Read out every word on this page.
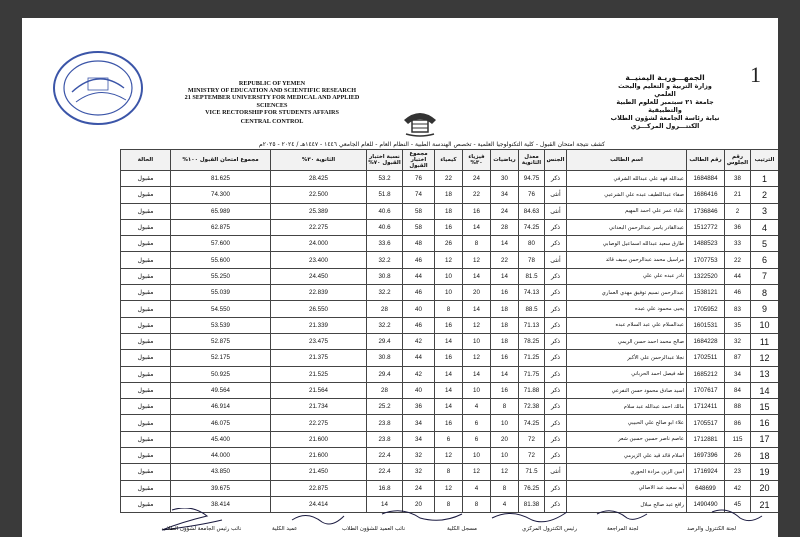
REPUBLIC OF YEMEN
MINISTRY OF EDUCATION AND SCIENTIFIC RESEARCH
21 SEPTEMBER UNIVERSITY FOR MEDICAL AND APPLIED SCIENCES
VICE RECTORSHIP FOR STUDENTS AFFAIRS
CENTRAL CONTROL
الجمهـــوريـة اليمنيــة
وزارة التربية و التعليم والبحث العلمي
جامعة ٢١ سبتمبر للعلوم الطبية والتطبيقية
نيابة رئاسة الجامعة لشؤون الطلاب
الكنتـــرول المركـــزي
1
كشف نتيجة امتحان القبول - كلية التكنولوجيا العلمية - تخصص الهندسة الطبية - النظام العام - للعام الجامعي ١٤٤٦ - ١٤٤٧هـ / ٢٠٢٤ - ٢٠٢٥م
الترتيب	رقم الجلوس	رقم الطالب	اسم الطالب	الجنس	معدل الثانوية	رياضيات	فيزياء ٣٠%	كيمياء	مجموع اختبار القبول	نسبة اختبار القبول ٧٠%	الثانوية ٣٠%	مجموع امتحان القبول ١٠٠%	الحالة
1	38	1684884	عبدالله فهد علي عبدالله الشرفي	ذكر	94.75	30	24	22	76	53.2	28.425	81.625	مقبول
2	21	1686416	صفاء عبداللطيف عبده علي الشرعبي	أنثى	76	34	22	18	74	51.8	22.500	74.300	مقبول
3	2	1736846	علياء عمر علي احمد المهيم	أنثى	84.63	24	16	18	58	40.6	25.389	65.989	مقبول
4	36	1512772	عبدالقادر ياسر عبدالرحمن البعداني	ذكر	74.25	28	14	16	58	40.6	22.275	62.875	مقبول
5	33	1488523	طارق سعيد عبدالله اسماعيل الوصابي	ذكر	80	14	8	26	48	33.6	24.000	57.600	مقبول
6	22	1707753	مراسيل محمد عبدالرحمن سيف قائد	أنثى	78	22	12	12	46	32.2	23.400	55.600	مقبول
7	44	1322520	نادر عبده علي علي	ذكر	81.5	14	14	10	44	30.8	24.450	55.250	مقبول
8	46	1538121	عبدالرحمن نسيم توفيق مهدي العماري	ذكر	74.13	16	20	10	46	32.2	22.839	55.039	مقبول
9	83	1705952	يحيى محمود علي عبده	ذكر	88.5	18	14	8	40	28	26.550	54.550	مقبول
10	35	1601531	عبدالسلام علي عبد السلام عبده	ذكر	71.13	18	12	16	46	32.2	21.339	53.539	مقبول
11	32	1684228	صالح محمد احمد حسن الريمي	ذكر	78.25	18	10	14	42	29.4	23.475	52.875	مقبول
12	87	1702511	نجلا عبدالرحمن علي الأكبر	ذكر	71.25	16	12	16	44	30.8	21.375	52.175	مقبول
13	34	1685212	طه فيصل احمد الحرباني	ذكر	71.75	14	14	14	42	29.4	21.525	50.925	مقبول
14	84	1707617	اسيد صادق محمود حسن النفرعي	ذكر	71.88	16	10	14	40	28	21.564	49.564	مقبول
15	88	1712411	مالك احمد عبدالله عبد سلام	ذكر	72.38	8	4	14	36	25.2	21.734	46.914	مقبول
16	86	1705517	علاء ابو صالح علي الحبيبي	ذكر	74.25	10	6	16	34	23.8	22.275	46.075	مقبول
17	115	1712881	عاصم ناصر حسين حسين شعر	ذكر	72	20	6	6	34	23.8	21.600	45.400	مقبول
18	26	1697396	اسلام قائد قيد علي الزيرمي	ذكر	72	10	10	12	32	22.4	21.600	44.000	مقبول
19	23	1716924	امين الزين مرادة الحوري	أنثى	71.5	12	12	8	32	22.4	21.450	43.850	مقبول
20	42	648699	أيه سعيد عبد الاصالي	ذكر	76.25	8	4	12	24	16.8	22.875	39.675	مقبول
21	45	1490490	رافع عبد صالح مبلال	ذكر	81.38	4	8	8	20	14	24.414	38.414	مقبول
لجنة الكنترول والرصد
لجنة المراجعة
رئيس الكنترول المركزي
مسجل الكلية
نائب العميد للشؤون الطلاب
عميد الكلية
نائب رئيس الجامعة لشؤون الطلاب
